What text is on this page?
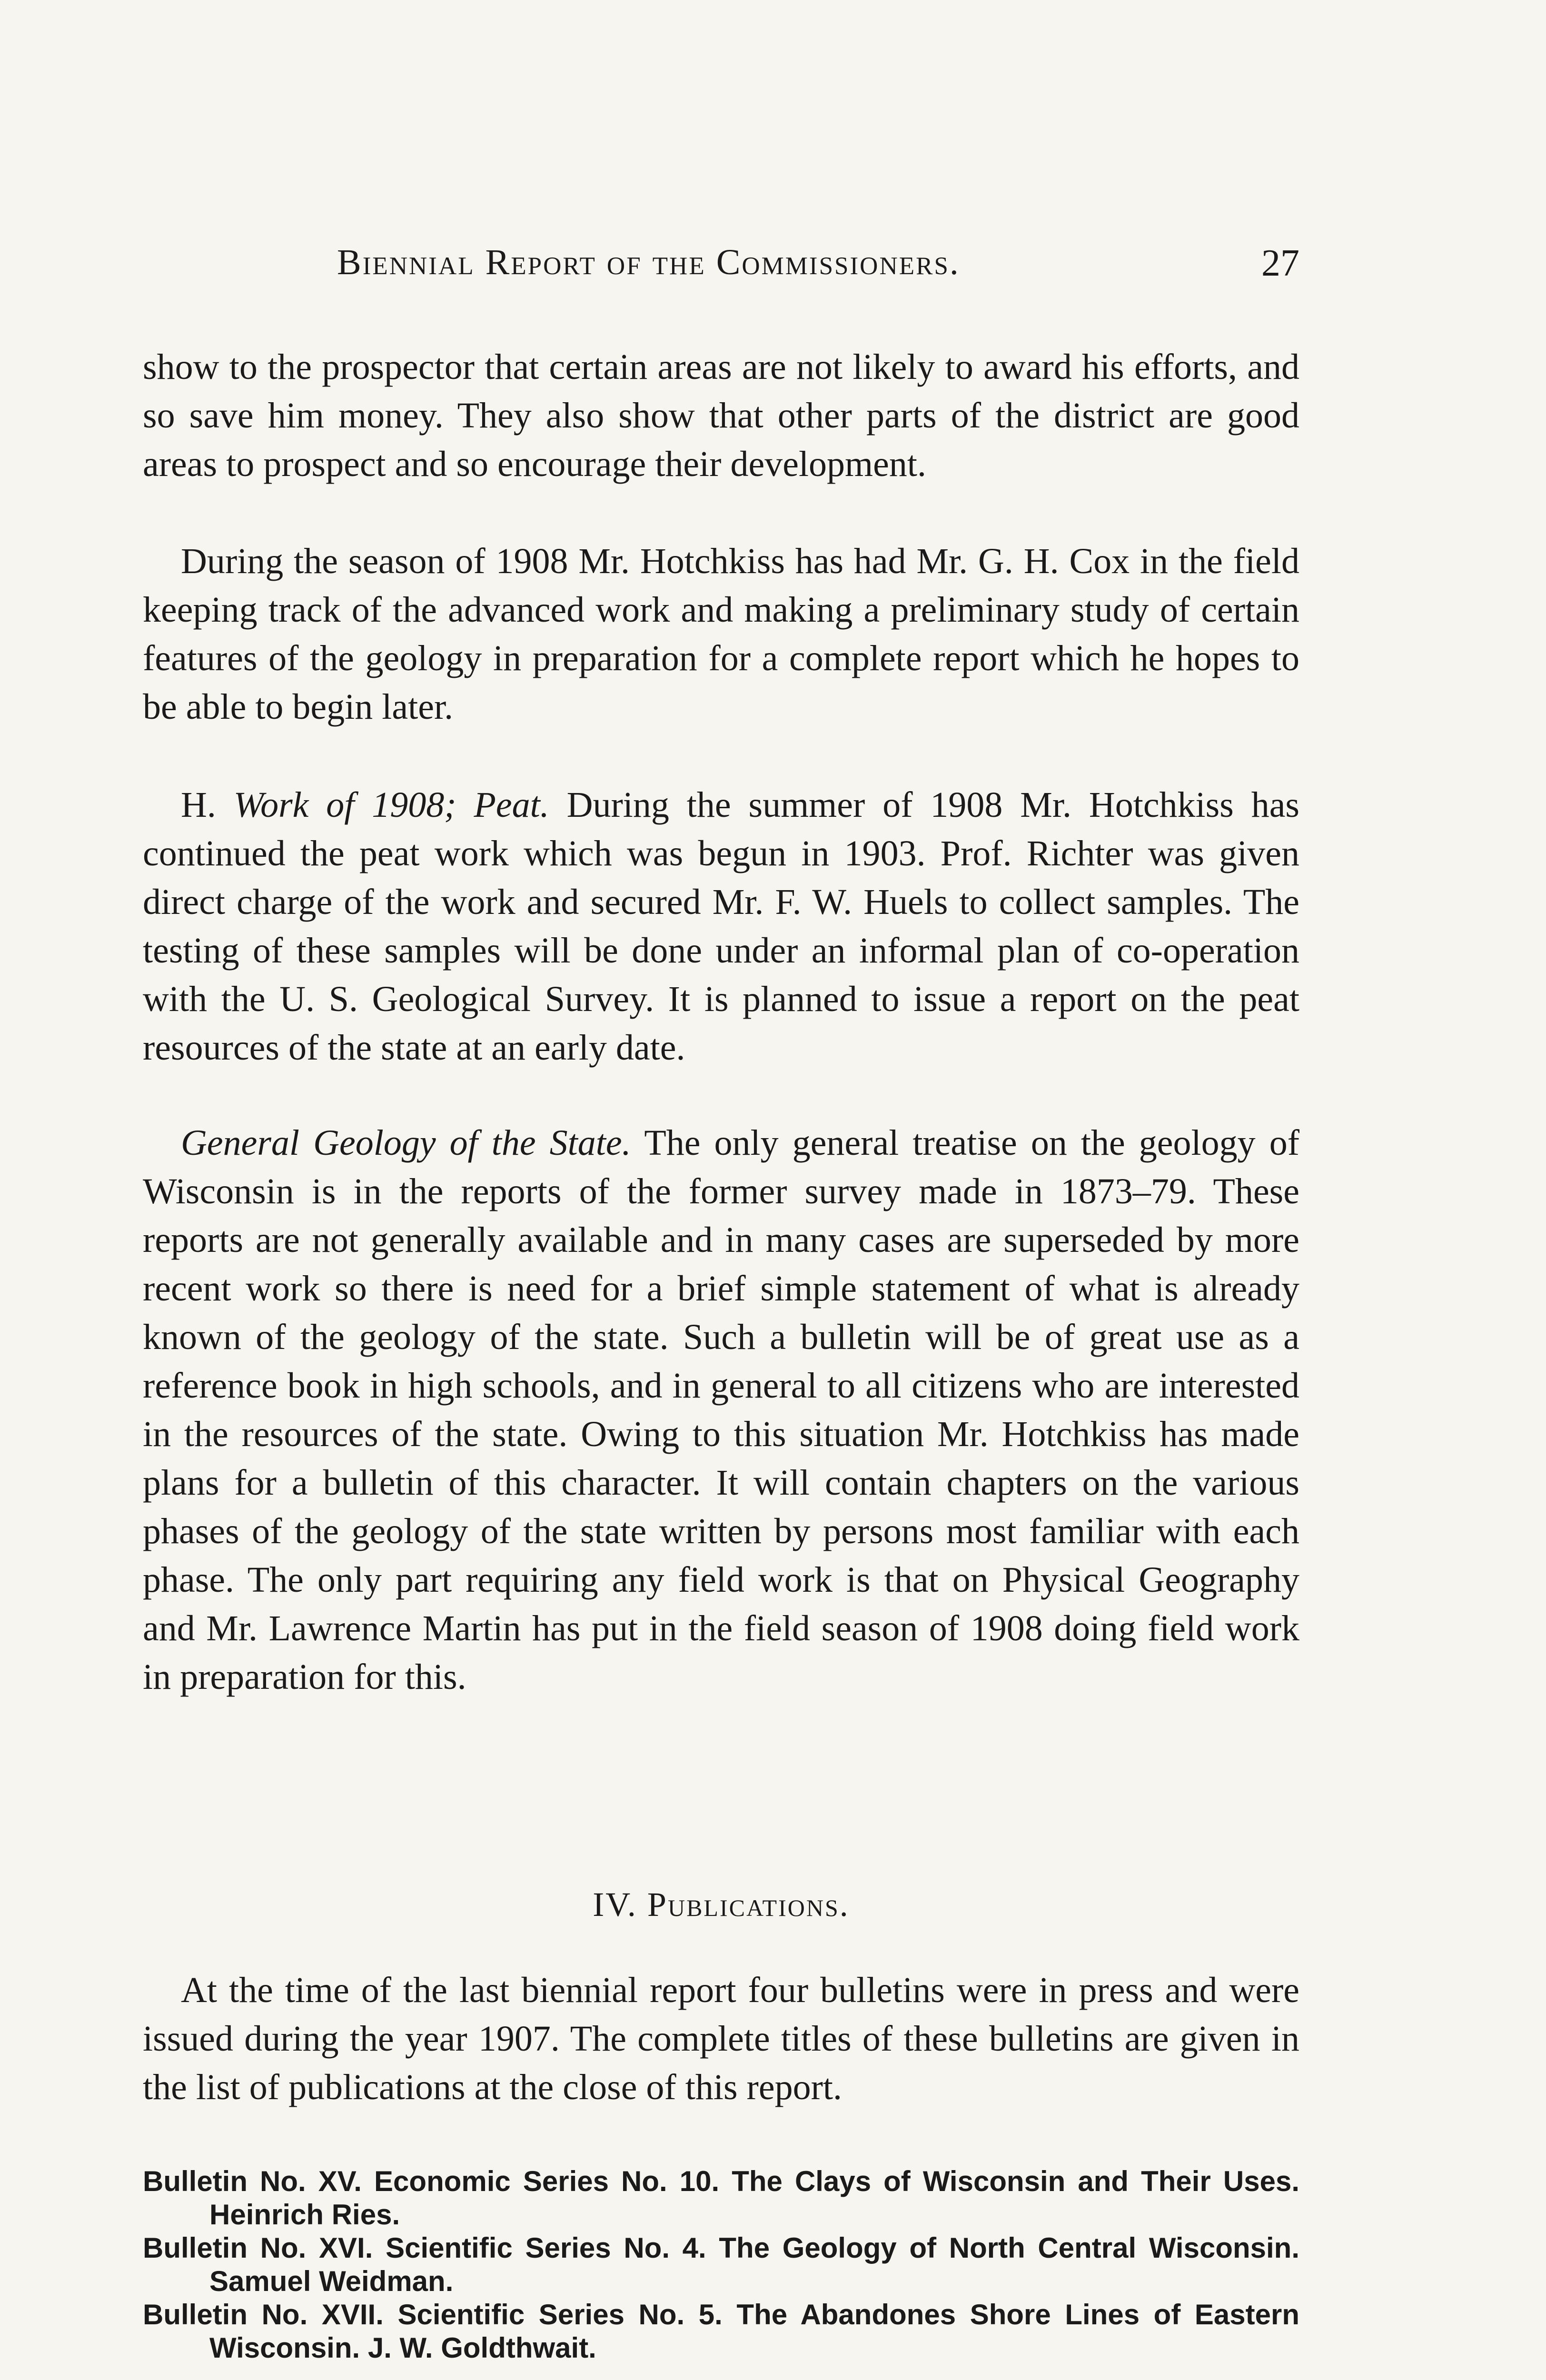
Biennial Report of the Commissioners.	27

show to the prospector that certain areas are not likely to award his efforts, and so save him money. They also show that other parts of the district are good areas to prospect and so encourage their development.

During the season of 1908 Mr. Hotchkiss has had Mr. G. H. Cox in the field keeping track of the advanced work and making a preliminary study of certain features of the geology in preparation for a complete report which he hopes to be able to begin later.

H. Work of 1908; Peat. During the summer of 1908 Mr. Hotchkiss has continued the peat work which was begun in 1903. Prof. Richter was given direct charge of the work and secured Mr. F. W. Huels to collect samples. The testing of these samples will be done under an informal plan of co-operation with the U. S. Geological Survey. It is planned to issue a report on the peat resources of the state at an early date.

General Geology of the State. The only general treatise on the geology of Wisconsin is in the reports of the former survey made in 1873–79. These reports are not generally available and in many cases are superseded by more recent work so there is need for a brief simple statement of what is already known of the geology of the state. Such a bulletin will be of great use as a reference book in high schools, and in general to all citizens who are interested in the resources of the state. Owing to this situation Mr. Hotchkiss has made plans for a bulletin of this character. It will contain chapters on the various phases of the geology of the state written by persons most familiar with each phase. The only part requiring any field work is that on Physical Geography and Mr. Lawrence Martin has put in the field season of 1908 doing field work in preparation for this.

IV. Publications.

At the time of the last biennial report four bulletins were in press and were issued during the year 1907. The complete titles of these bulletins are given in the list of publications at the close of this report.

Bulletin No. XV. Economic Series No. 10. The Clays of Wisconsin and Their Uses. Heinrich Ries.
Bulletin No. XVI. Scientific Series No. 4. The Geology of North Central Wisconsin. Samuel Weidman.
Bulletin No. XVII. Scientific Series No. 5. The Abandones Shore Lines of Eastern Wisconsin. J. W. Goldthwait.
